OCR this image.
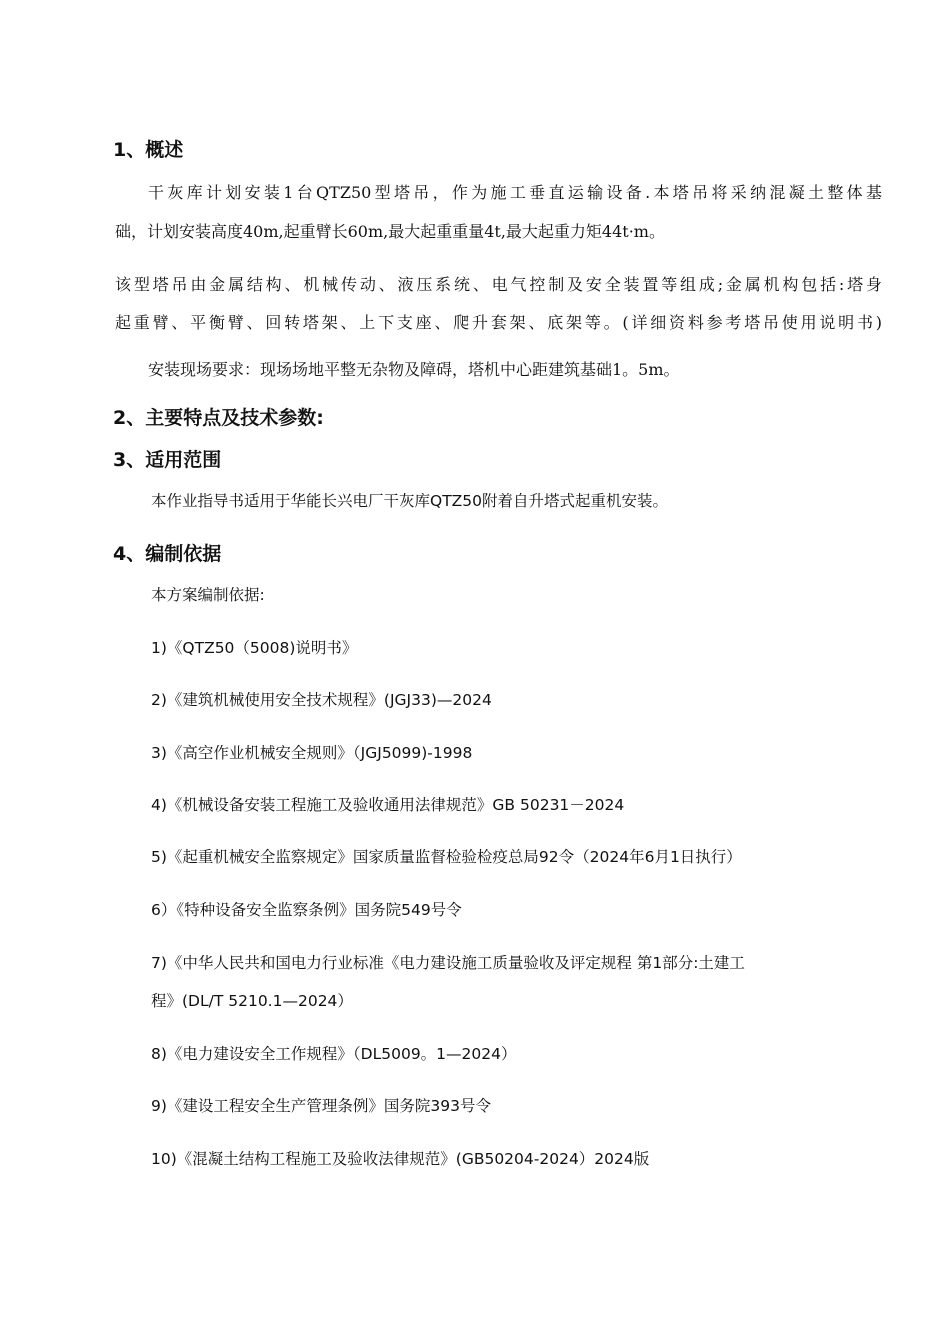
1、概述
干灰库计划安装1台QTZ50型塔吊，作为施工垂直运输设备.本塔吊将采纳混凝土整体基
础，计划安装高度40m,起重臂长60m,最大起重重量4t,最大起重力矩44t·m。
该型塔吊由金属结构、机械传动、液压系统、电气控制及安全装置等组成;金属机构包括:塔身
起重臂、平衡臂、回转塔架、上下支座、爬升套架、底架等。(详细资料参考塔吊使用说明书)
安装现场要求：现场场地平整无杂物及障碍，塔机中心距建筑基础1。5m。
2、主要特点及技术参数:
3、适用范围
本作业指导书适用于华能长兴电厂干灰库QTZ50附着自升塔式起重机安装。
4、编制依据
本方案编制依据:
1)《QTZ50（5008)说明书》
2)《建筑机械使用安全技术规程》(JGJ33)—2024
3)《高空作业机械安全规则》（JGJ5099)-1998
4)《机械设备安装工程施工及验收通用法律规范》GB 50231－2024
5)《起重机械安全监察规定》国家质量监督检验检疫总局92令（2024年6月1日执行）
6）《特种设备安全监察条例》国务院549号令
7)《中华人民共和国电力行业标准《电力建设施工质量验收及评定规程 第1部分:土建工
程》(DL/T 5210.1—2024）
8)《电力建设安全工作规程》（DL5009。1—2024）
9)《建设工程安全生产管理条例》国务院393号令
10)《混凝土结构工程施工及验收法律规范》(GB50204-2024）2024版
